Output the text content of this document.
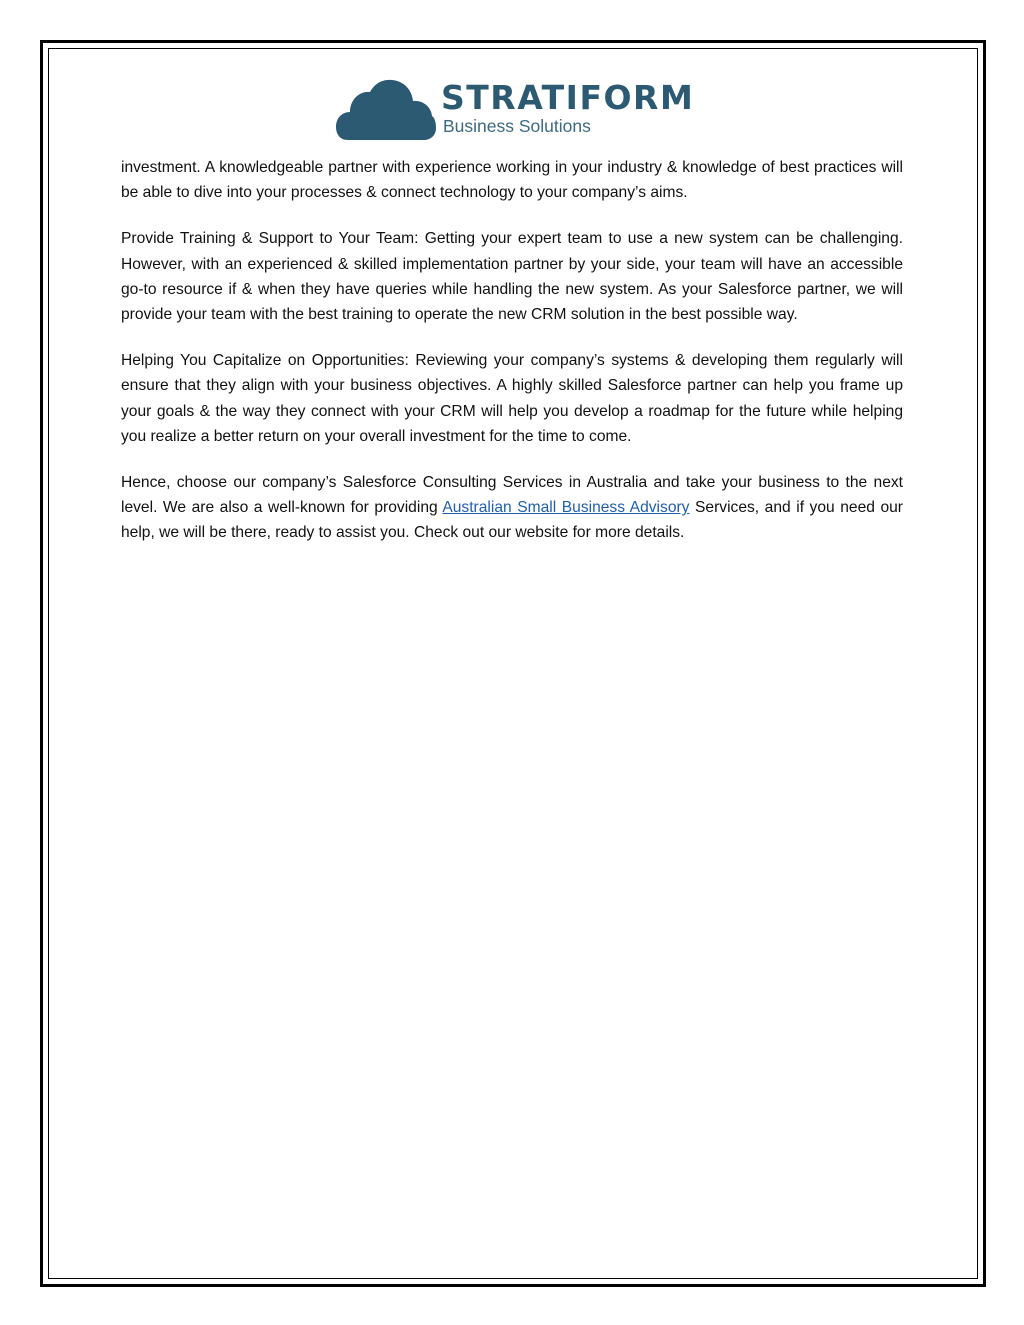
STRATIFORM
Business Solutions

investment. A knowledgeable partner with experience working in your industry & knowledge of best practices will be able to dive into your processes & connect technology to your company’s aims.

Provide Training & Support to Your Team: Getting your expert team to use a new system can be challenging. However, with an experienced & skilled implementation partner by your side, your team will have an accessible go-to resource if & when they have queries while handling the new system. As your Salesforce partner, we will provide your team with the best training to operate the new CRM solution in the best possible way.

Helping You Capitalize on Opportunities: Reviewing your company’s systems & developing them regularly will ensure that they align with your business objectives. A highly skilled Salesforce partner can help you frame up your goals & the way they connect with your CRM will help you develop a roadmap for the future while helping you realize a better return on your overall investment for the time to come.

Hence, choose our company’s Salesforce Consulting Services in Australia and take your business to the next level. We are also a well-known for providing Australian Small Business Advisory Services, and if you need our help, we will be there, ready to assist you. Check out our website for more details.
